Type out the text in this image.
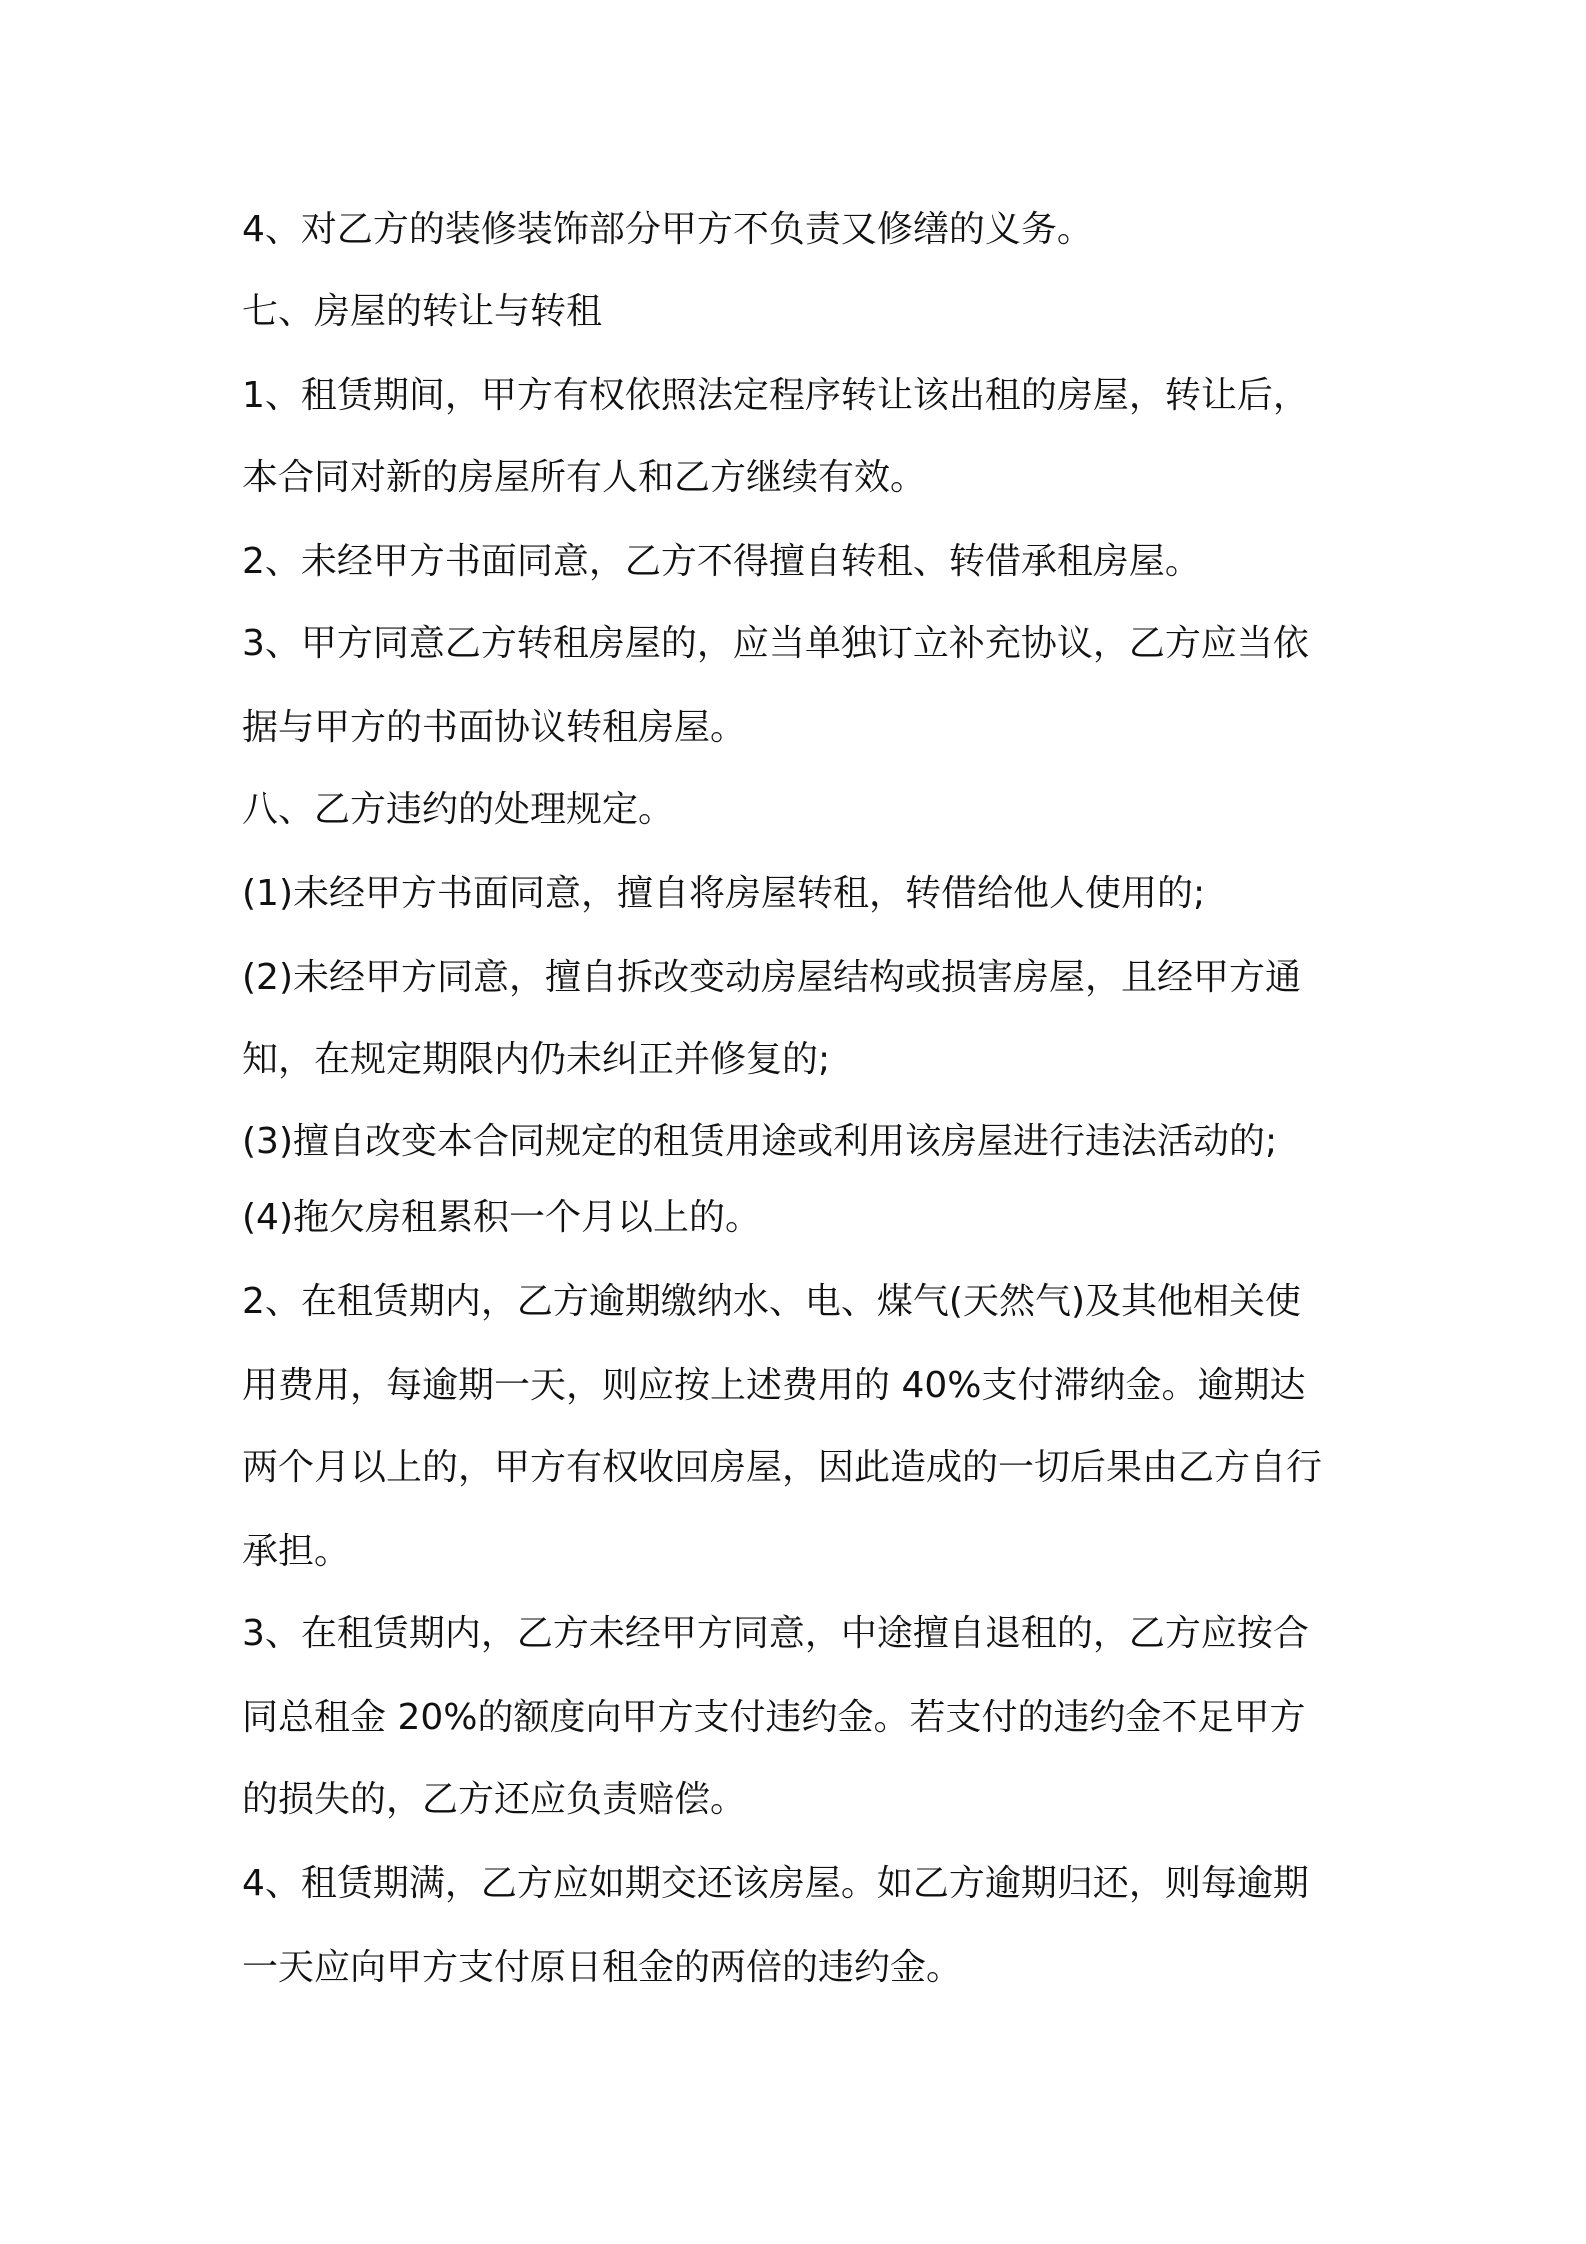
4、对乙方的装修装饰部分甲方不负责又修缮的义务。

七、房屋的转让与转租

1、租赁期间，甲方有权依照法定程序转让该出租的房屋，转让后，

本合同对新的房屋所有人和乙方继续有效。

2、未经甲方书面同意，乙方不得擅自转租、转借承租房屋。

3、甲方同意乙方转租房屋的，应当单独订立补充协议，乙方应当依

据与甲方的书面协议转租房屋。

八、乙方违约的处理规定。

(1)未经甲方书面同意，擅自将房屋转租，转借给他人使用的;

(2)未经甲方同意，擅自拆改变动房屋结构或损害房屋，且经甲方通

知，在规定期限内仍未纠正并修复的;

(3)擅自改变本合同规定的租赁用途或利用该房屋进行违法活动的;

(4)拖欠房租累积一个月以上的。

2、在租赁期内，乙方逾期缴纳水、电、煤气(天然气)及其他相关使

用费用，每逾期一天，则应按上述费用的 40%支付滞纳金。逾期达

两个月以上的，甲方有权收回房屋，因此造成的一切后果由乙方自行

承担。

3、在租赁期内，乙方未经甲方同意，中途擅自退租的，乙方应按合

同总租金 20%的额度向甲方支付违约金。若支付的违约金不足甲方

的损失的，乙方还应负责赔偿。

4、租赁期满，乙方应如期交还该房屋。如乙方逾期归还，则每逾期

一天应向甲方支付原日租金的两倍的违约金。
